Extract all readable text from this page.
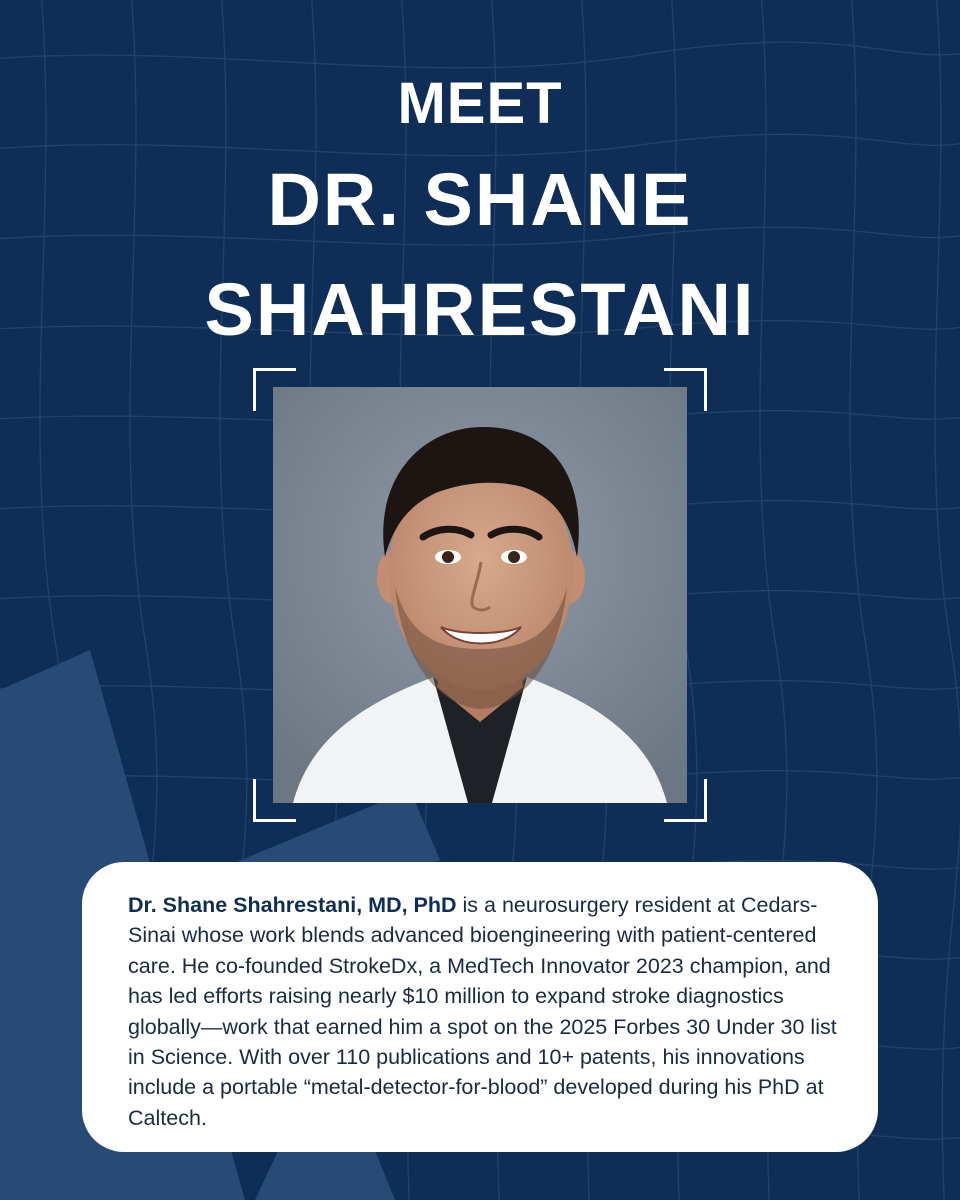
MEET
DR. SHANE
SHAHRESTANI

Dr. Shane Shahrestani, MD, PhD is a neurosurgery resident at Cedars-Sinai whose work blends advanced bioengineering with patient-centered care. He co-founded StrokeDx, a MedTech Innovator 2023 champion, and has led efforts raising nearly $10 million to expand stroke diagnostics globally—work that earned him a spot on the 2025 Forbes 30 Under 30 list in Science. With over 110 publications and 10+ patents, his innovations include a portable “metal-detector-for-blood” developed during his PhD at Caltech.
